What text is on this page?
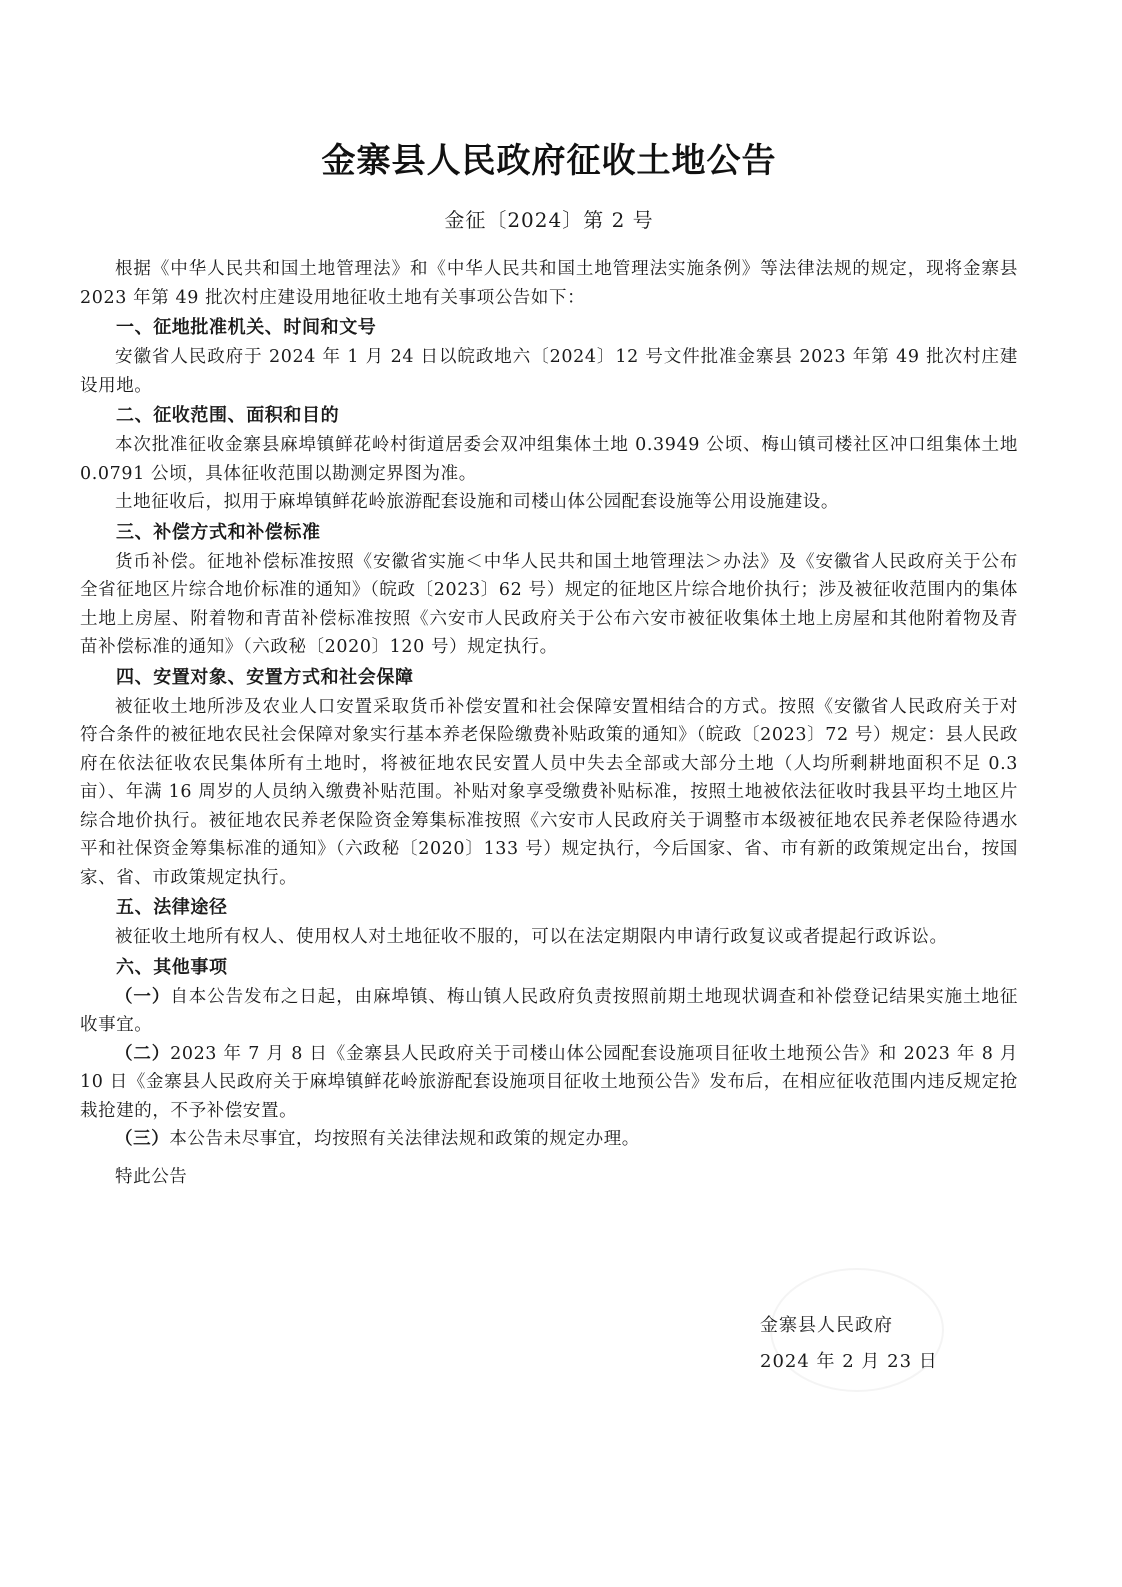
金寨县人民政府征收土地公告
金征〔2024〕第 2 号

根据《中华人民共和国土地管理法》和《中华人民共和国土地管理法实施条例》等法律法规的规定，现将金寨县 2023 年第 49 批次村庄建设用地征收土地有关事项公告如下：

一、征地批准机关、时间和文号

安徽省人民政府于 2024 年 1 月 24 日以皖政地六〔2024〕12 号文件批准金寨县 2023 年第 49 批次村庄建设用地。

二、征收范围、面积和目的

本次批准征收金寨县麻埠镇鲜花岭村街道居委会双冲组集体土地 0.3949 公顷、梅山镇司楼社区冲口组集体土地 0.0791 公顷，具体征收范围以勘测定界图为准。

土地征收后，拟用于麻埠镇鲜花岭旅游配套设施和司楼山体公园配套设施等公用设施建设。

三、补偿方式和补偿标准

货币补偿。征地补偿标准按照《安徽省实施＜中华人民共和国土地管理法＞办法》及《安徽省人民政府关于公布全省征地区片综合地价标准的通知》（皖政〔2023〕62 号）规定的征地区片综合地价执行；涉及被征收范围内的集体土地上房屋、附着物和青苗补偿标准按照《六安市人民政府关于公布六安市被征收集体土地上房屋和其他附着物及青苗补偿标准的通知》（六政秘〔2020〕120 号）规定执行。

四、安置对象、安置方式和社会保障

被征收土地所涉及农业人口安置采取货币补偿安置和社会保障安置相结合的方式。按照《安徽省人民政府关于对符合条件的被征地农民社会保障对象实行基本养老保险缴费补贴政策的通知》（皖政〔2023〕72 号）规定：县人民政府在依法征收农民集体所有土地时，将被征地农民安置人员中失去全部或大部分土地（人均所剩耕地面积不足 0.3 亩）、年满 16 周岁的人员纳入缴费补贴范围。补贴对象享受缴费补贴标准，按照土地被依法征收时我县平均土地区片综合地价执行。被征地农民养老保险资金筹集标准按照《六安市人民政府关于调整市本级被征地农民养老保险待遇水平和社保资金筹集标准的通知》（六政秘〔2020〕133 号）规定执行，今后国家、省、市有新的政策规定出台，按国家、省、市政策规定执行。

五、法律途径

被征收土地所有权人、使用权人对土地征收不服的，可以在法定期限内申请行政复议或者提起行政诉讼。

六、其他事项

（一）自本公告发布之日起，由麻埠镇、梅山镇人民政府负责按照前期土地现状调查和补偿登记结果实施土地征收事宜。

（二）2023 年 7 月 8 日《金寨县人民政府关于司楼山体公园配套设施项目征收土地预公告》和 2023 年 8 月 10 日《金寨县人民政府关于麻埠镇鲜花岭旅游配套设施项目征收土地预公告》发布后，在相应征收范围内违反规定抢栽抢建的，不予补偿安置。

（三）本公告未尽事宜，均按照有关法律法规和政策的规定办理。

特此公告

金寨县人民政府
2024 年 2 月 23 日
